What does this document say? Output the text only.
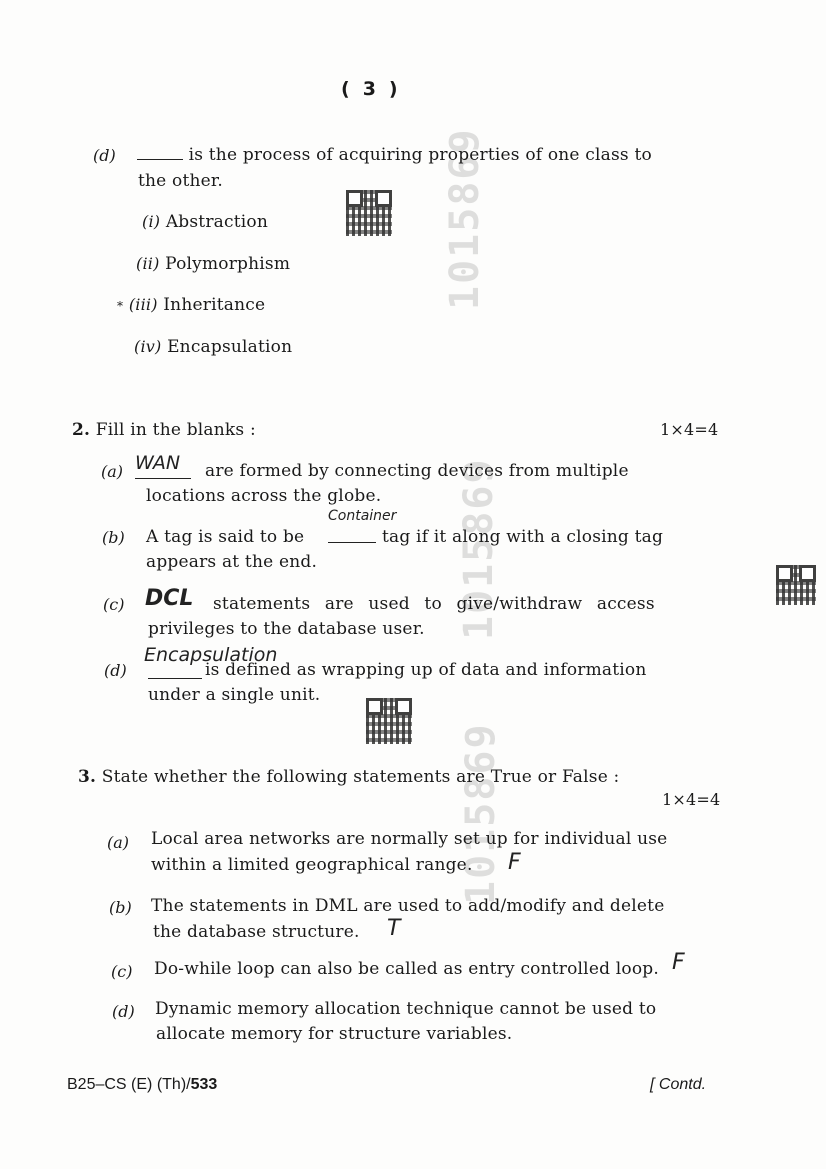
1015869
1015869
1015869
( 3 )
(d)	is the process of acquiring properties of one class to
the other.
(i) Abstraction
(ii) Polymorphism
* (iii) Inheritance
(iv) Encapsulation
2. Fill in the blanks :	1×4=4
(a) WAN are formed by connecting devices from multiple
locations across the globe.
(b) A tag is said to be
Container
tag if it along with a closing tag
appears at the end.
(c) DCL statements are used to give/withdraw access
privileges to the database user.
(d)
Encapsulation
is defined as wrapping up of data and information
under a single unit.
3. State whether the following statements are True or False :
1×4=4
(a) Local area networks are normally set up for individual use
within a limited geographical range. F
(b) The statements in DML are used to add/modify and delete
the database structure. T
(c) Do-while loop can also be called as entry controlled loop. F
(d) Dynamic memory allocation technique cannot be used to
allocate memory for structure variables.
B25–CS (E) (Th)/533	[ Contd.
